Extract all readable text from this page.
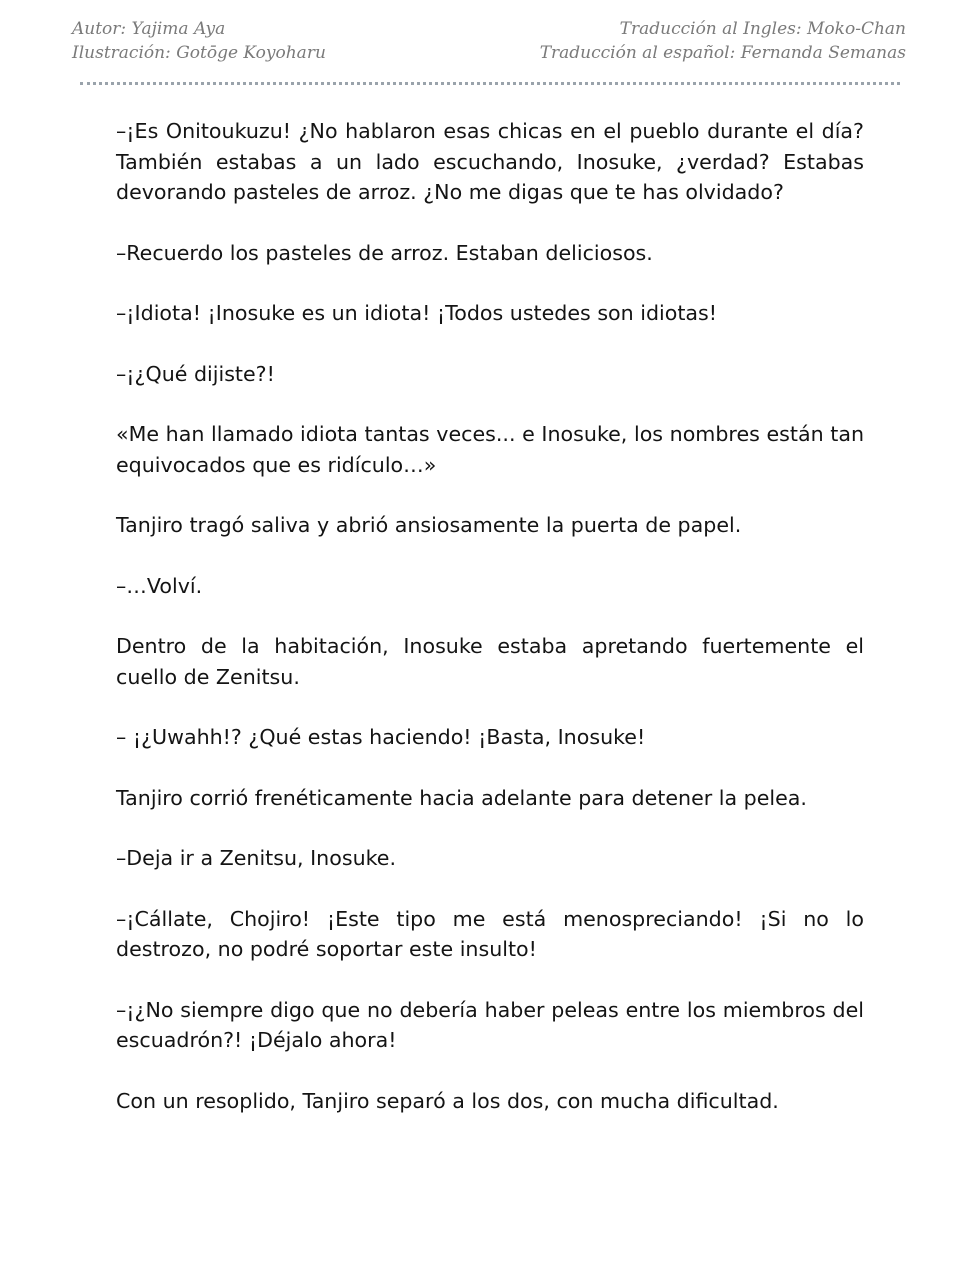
Autor: Yajima Aya	Traducción al Ingles: Moko-Chan
Ilustración: Gotōge Koyoharu	Traducción al español: Fernanda Semanas

–¡Es Onitoukuzu! ¿No hablaron esas chicas en el pueblo durante el día? También estabas a un lado escuchando, Inosuke, ¿verdad? Estabas devorando pasteles de arroz. ¿No me digas que te has olvidado?

–Recuerdo los pasteles de arroz. Estaban deliciosos.

–¡Idiota! ¡Inosuke es un idiota! ¡Todos ustedes son idiotas!

–¡¿Qué dijiste?!

«Me han llamado idiota tantas veces... e Inosuke, los nombres están tan equivocados que es ridículo…»

Tanjiro tragó saliva y abrió ansiosamente la puerta de papel.

–…Volví.

Dentro de la habitación, Inosuke estaba apretando fuertemente el cuello de Zenitsu.

– ¡¿Uwahh!? ¿Qué estas haciendo! ¡Basta, Inosuke!

Tanjiro corrió frenéticamente hacia adelante para detener la pelea.

–Deja ir a Zenitsu, Inosuke.

–¡Cállate, Chojiro! ¡Este tipo me está menospreciando! ¡Si no lo destrozo, no podré soportar este insulto!

–¡¿No siempre digo que no debería haber peleas entre los miembros del escuadrón?! ¡Déjalo ahora!

Con un resoplido, Tanjiro separó a los dos, con mucha dificultad.
